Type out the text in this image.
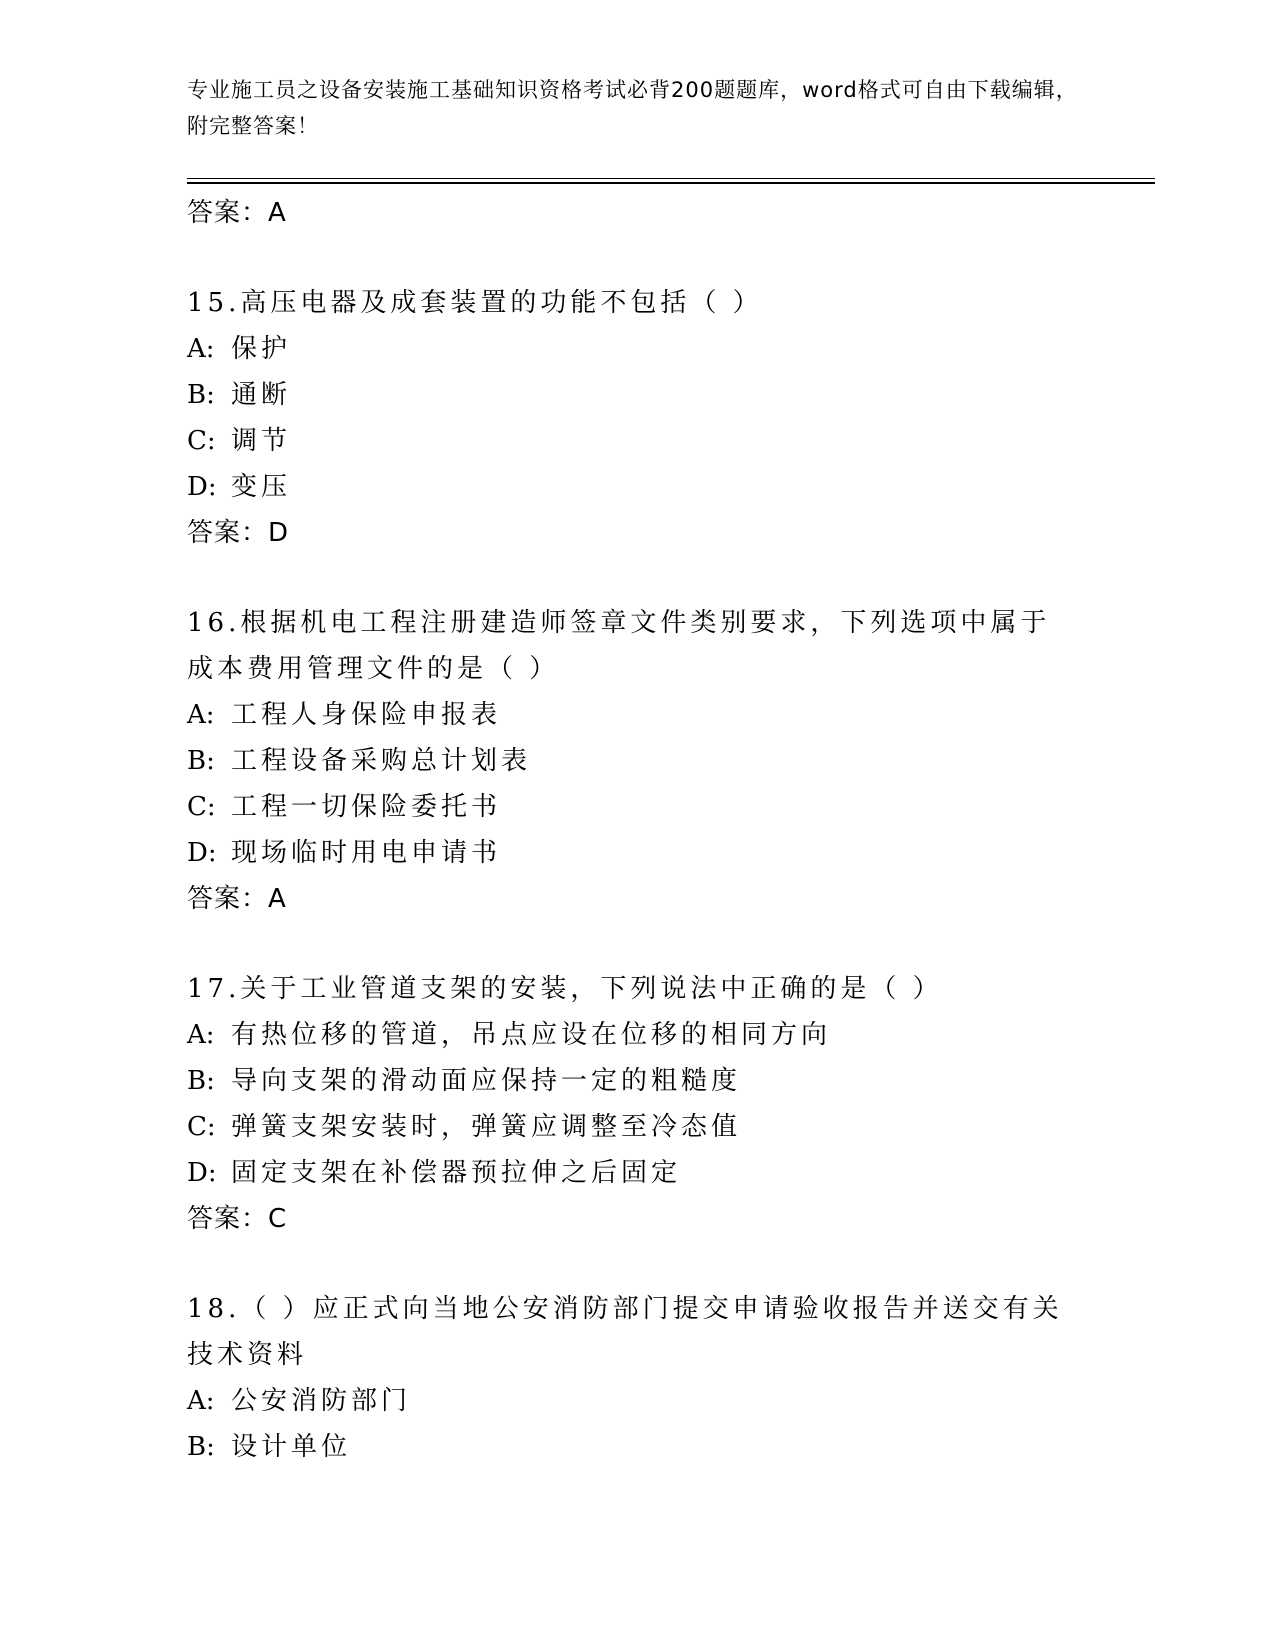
专业施工员之设备安装施工基础知识资格考试必背200题题库，word格式可自由下载编辑，附完整答案！
答案：A
15.高压电器及成套装置的功能不包括（ ）
A: 保护
B: 通断
C: 调节
D: 变压
答案：D
16.根据机电工程注册建造师签章文件类别要求，下列选项中属于成本费用管理文件的是（ ）
A: 工程人身保险申报表
B: 工程设备采购总计划表
C: 工程一切保险委托书
D: 现场临时用电申请书
答案：A
17.关于工业管道支架的安装，下列说法中正确的是（ ）
A: 有热位移的管道，吊点应设在位移的相同方向
B: 导向支架的滑动面应保持一定的粗糙度
C: 弹簧支架安装时，弹簧应调整至冷态值
D: 固定支架在补偿器预拉伸之后固定
答案：C
18.（ ）应正式向当地公安消防部门提交申请验收报告并送交有关技术资料
A: 公安消防部门
B: 设计单位
